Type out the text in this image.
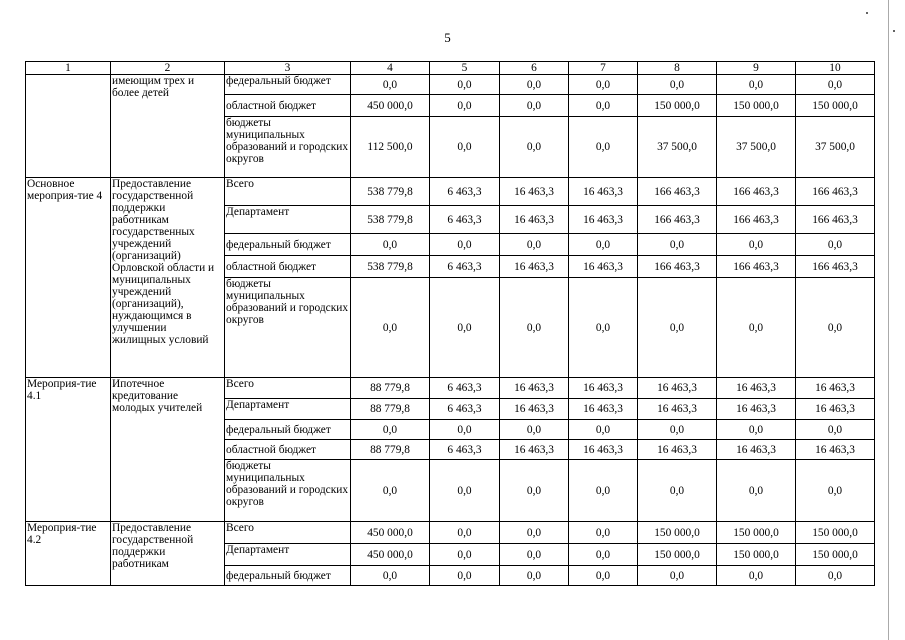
5
1	2	3	4	5	6	7	8	9	10
	имеющим трех и более детей	федеральный бюджет	0,0	0,0	0,0	0,0	0,0	0,0	0,0
		областной бюджет	450 000,0	0,0	0,0	0,0	150 000,0	150 000,0	150 000,0
		бюджеты муниципальных образований и городских округов	112 500,0	0,0	0,0	0,0	37 500,0	37 500,0	37 500,0
Основное мероприя-тие 4	Предоставление государственной поддержки работникам государственных учреждений (организаций) Орловской области и муниципальных учреждений (организаций), нуждающимся в улучшении жилищных условий	Всего	538 779,8	6 463,3	16 463,3	16 463,3	166 463,3	166 463,3	166 463,3
		Департамент	538 779,8	6 463,3	16 463,3	16 463,3	166 463,3	166 463,3	166 463,3
		федеральный бюджет	0,0	0,0	0,0	0,0	0,0	0,0	0,0
		областной бюджет	538 779,8	6 463,3	16 463,3	16 463,3	166 463,3	166 463,3	166 463,3
		бюджеты муниципальных образований и городских округов	0,0	0,0	0,0	0,0	0,0	0,0	0,0
Мероприя-тие 4.1	Ипотечное кредитование молодых учителей	Всего	88 779,8	6 463,3	16 463,3	16 463,3	16 463,3	16 463,3	16 463,3
		Департамент	88 779,8	6 463,3	16 463,3	16 463,3	16 463,3	16 463,3	16 463,3
		федеральный бюджет	0,0	0,0	0,0	0,0	0,0	0,0	0,0
		областной бюджет	88 779,8	6 463,3	16 463,3	16 463,3	16 463,3	16 463,3	16 463,3
		бюджеты муниципальных образований и городских округов	0,0	0,0	0,0	0,0	0,0	0,0	0,0
Мероприя-тие 4.2	Предоставление государственной поддержки работникам	Всего	450 000,0	0,0	0,0	0,0	150 000,0	150 000,0	150 000,0
		Департамент	450 000,0	0,0	0,0	0,0	150 000,0	150 000,0	150 000,0
		федеральный бюджет	0,0	0,0	0,0	0,0	0,0	0,0	0,0
